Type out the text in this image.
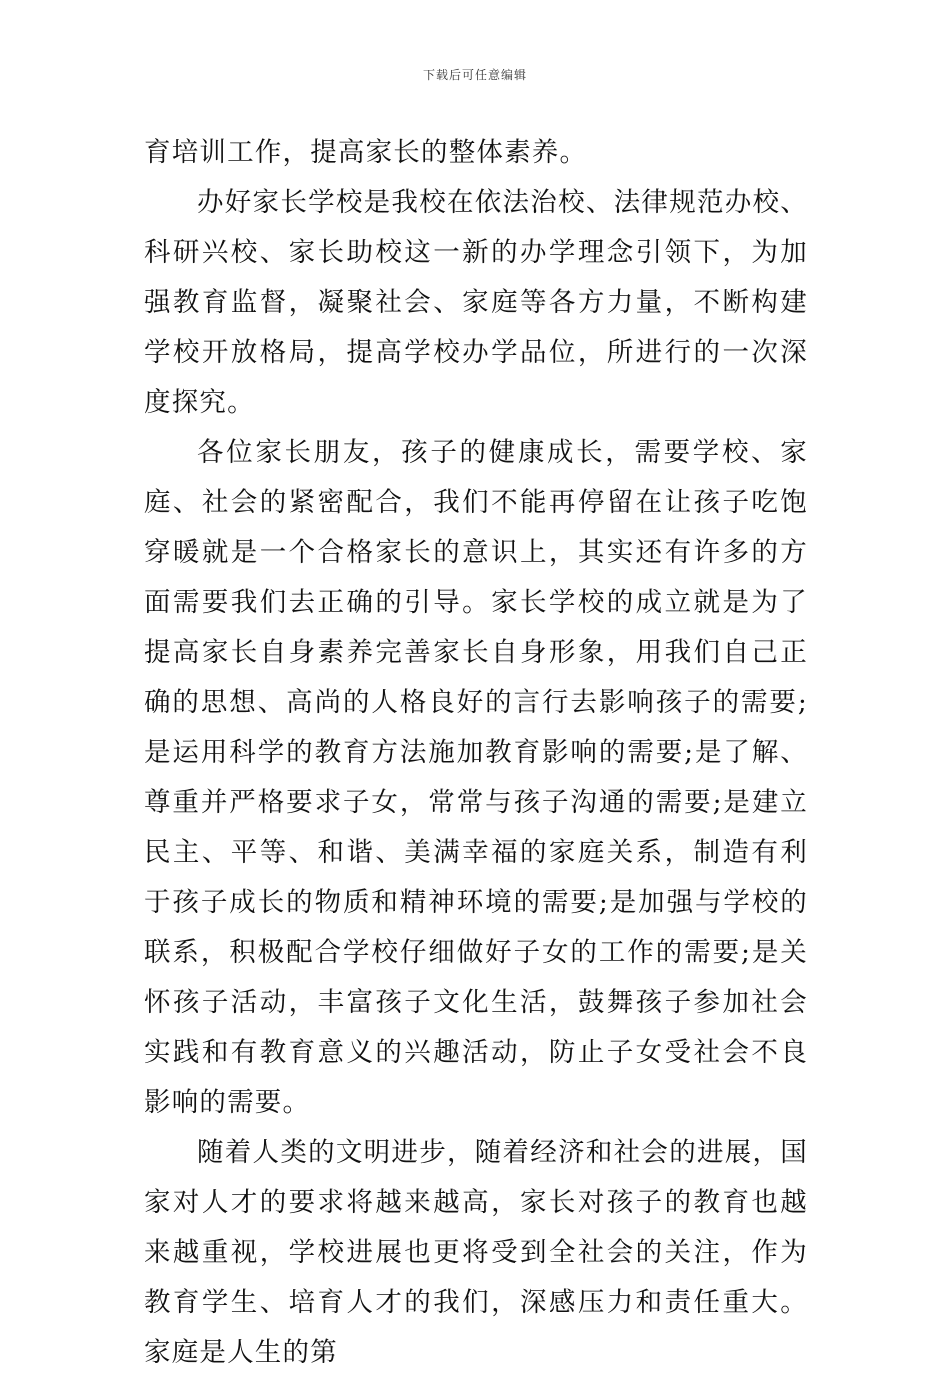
下载后可任意编辑

育培训工作，提高家长的整体素养。

办好家长学校是我校在依法治校、法律规范办校、科研兴校、家长助校这一新的办学理念引领下，为加强教育监督，凝聚社会、家庭等各方力量，不断构建学校开放格局，提高学校办学品位，所进行的一次深度探究。

各位家长朋友，孩子的健康成长，需要学校、家庭、社会的紧密配合，我们不能再停留在让孩子吃饱穿暖就是一个合格家长的意识上，其实还有许多的方面需要我们去正确的引导。家长学校的成立就是为了提高家长自身素养完善家长自身形象，用我们自己正确的思想、高尚的人格良好的言行去影响孩子的需要;是运用科学的教育方法施加教育影响的需要;是了解、尊重并严格要求子女，常常与孩子沟通的需要;是建立民主、平等、和谐、美满幸福的家庭关系，制造有利于孩子成长的物质和精神环境的需要;是加强与学校的联系，积极配合学校仔细做好子女的工作的需要;是关怀孩子活动，丰富孩子文化生活，鼓舞孩子参加社会实践和有教育意义的兴趣活动，防止子女受社会不良影响的需要。

随着人类的文明进步，随着经济和社会的进展，国家对人才的要求将越来越高，家长对孩子的教育也越来越重视，学校进展也更将受到全社会的关注，作为教育学生、培育人才的我们，深感压力和责任重大。家庭是人生的第
